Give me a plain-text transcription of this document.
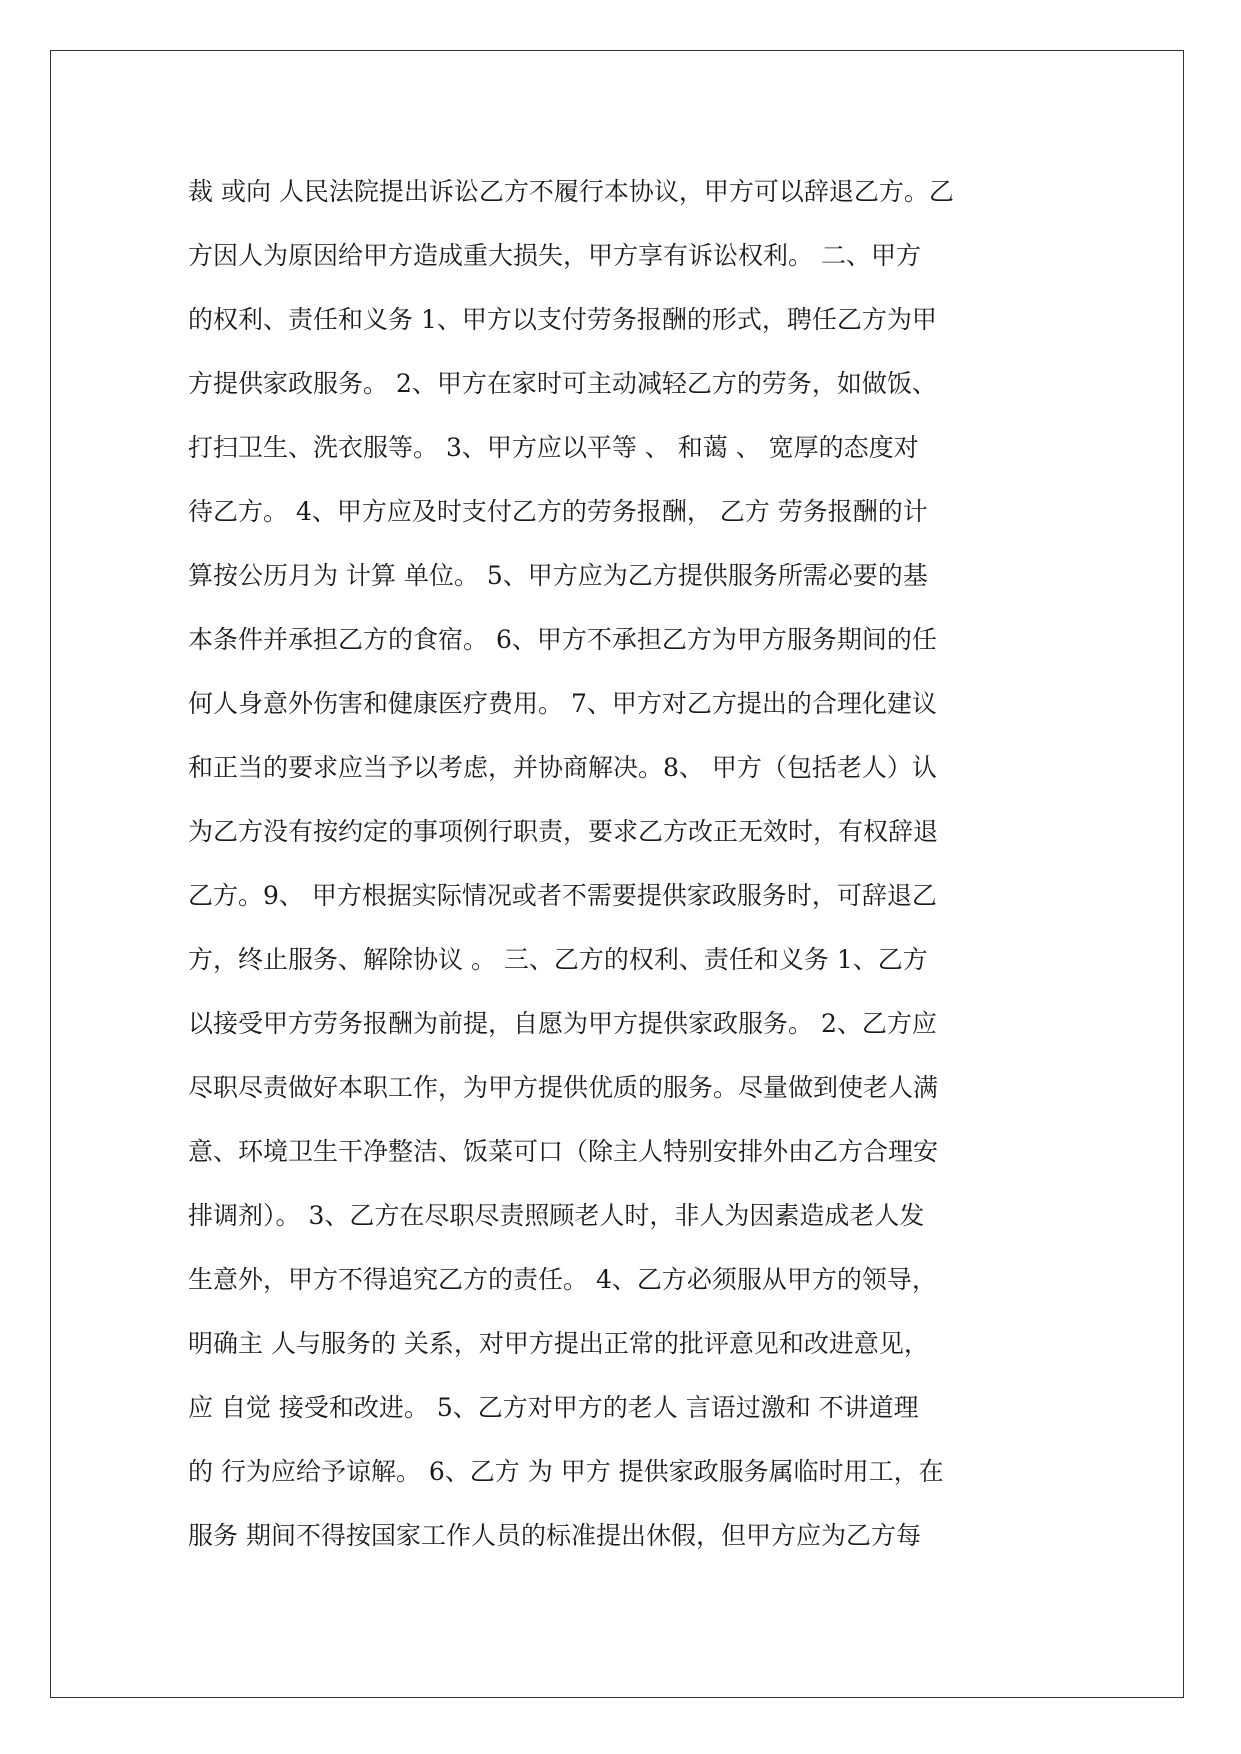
裁 或向 人民法院提出诉讼乙方不履行本协议，甲方可以辞退乙方。乙
方因人为原因给甲方造成重大损失，甲方享有诉讼权利。 二、甲方
的权利、责任和义务 1、甲方以支付劳务报酬的形式，聘任乙方为甲
方提供家政服务。 2、甲方在家时可主动减轻乙方的劳务，如做饭、
打扫卫生、洗衣服等。 3、甲方应以平等 、 和蔼 、 宽厚的态度对
待乙方。 4、甲方应及时支付乙方的劳务报酬， 乙方 劳务报酬的计
算按公历月为 计算 单位。 5、甲方应为乙方提供服务所需必要的基
本条件并承担乙方的食宿。 6、甲方不承担乙方为甲方服务期间的任
何人身意外伤害和健康医疗费用。 7、甲方对乙方提出的合理化建议
和正当的要求应当予以考虑，并协商解决。8、 甲方（包括老人）认
为乙方没有按约定的事项例行职责，要求乙方改正无效时，有权辞退
乙方。9、 甲方根据实际情况或者不需要提供家政服务时，可辞退乙
方，终止服务、解除协议 。 三、乙方的权利、责任和义务 1、乙方
以接受甲方劳务报酬为前提，自愿为甲方提供家政服务。 2、乙方应
尽职尽责做好本职工作，为甲方提供优质的服务。尽量做到使老人满
意、环境卫生干净整洁、饭菜可口（除主人特别安排外由乙方合理安
排调剂）。 3、乙方在尽职尽责照顾老人时，非人为因素造成老人发
生意外，甲方不得追究乙方的责任。 4、乙方必须服从甲方的领导，
明确主 人与服务的 关系，对甲方提出正常的批评意见和改进意见，
应 自觉 接受和改进。 5、乙方对甲方的老人 言语过激和 不讲道理
的 行为应给予谅解。 6、乙方 为 甲方 提供家政服务属临时用工，在
服务 期间不得按国家工作人员的标准提出休假，但甲方应为乙方每
